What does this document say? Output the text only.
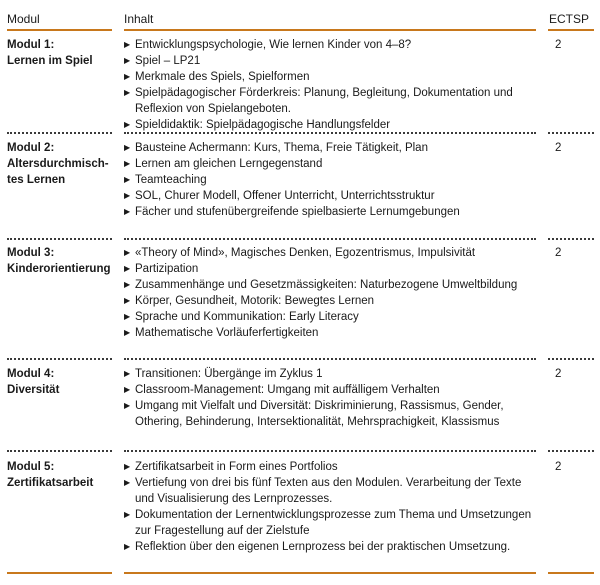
Modul	Inhalt	ECTSP
Modul 1:
Lernen im Spiel
▶ Entwicklungspsychologie, Wie lernen Kinder von 4–8?
▶ Spiel – LP21
▶ Merkmale des Spiels, Spielformen
▶ Spielpädagogischer Förderkreis: Planung, Begleitung, Dokumentation und Reflexion von Spielangeboten.
▶ Spieldidaktik: Spielpädagogische Handlungsfelder
2
Modul 2:
Altersdurchmisch-
tes Lernen
▶ Bausteine Achermann: Kurs, Thema, Freie Tätigkeit, Plan
▶ Lernen am gleichen Lerngegenstand
▶ Teamteaching
▶ SOL, Churer Modell, Offener Unterricht, Unterrichtsstruktur
▶ Fächer und stufenübergreifende spielbasierte Lernumgebungen
2
Modul 3:
Kinderorientierung
▶ «Theory of Mind», Magisches Denken, Egozentrismus, Impulsivität
▶ Partizipation
▶ Zusammenhänge und Gesetzmässigkeiten: Naturbezogene Umweltbildung
▶ Körper, Gesundheit, Motorik: Bewegtes Lernen
▶ Sprache und Kommunikation: Early Literacy
▶ Mathematische Vorläuferfertigkeiten
2
Modul 4:
Diversität
▶ Transitionen: Übergänge im Zyklus 1
▶ Classroom-Management: Umgang mit auffälligem Verhalten
▶ Umgang mit Vielfalt und Diversität: Diskriminierung, Rassismus, Gender, Othering, Behinderung, Intersektionalität, Mehrsprachigkeit, Klassismus
2
Modul 5:
Zertifikatsarbeit
▶ Zertifikatsarbeit in Form eines Portfolios
▶ Vertiefung von drei bis fünf Texten aus den Modulen. Verarbeitung der Texte und Visualisierung des Lernprozesses.
▶ Dokumentation der Lernentwicklungsprozesse zum Thema und Umsetzungen zur Fragestellung auf der Zielstufe
▶ Reflektion über den eigenen Lernprozess bei der praktischen Umsetzung.
2
